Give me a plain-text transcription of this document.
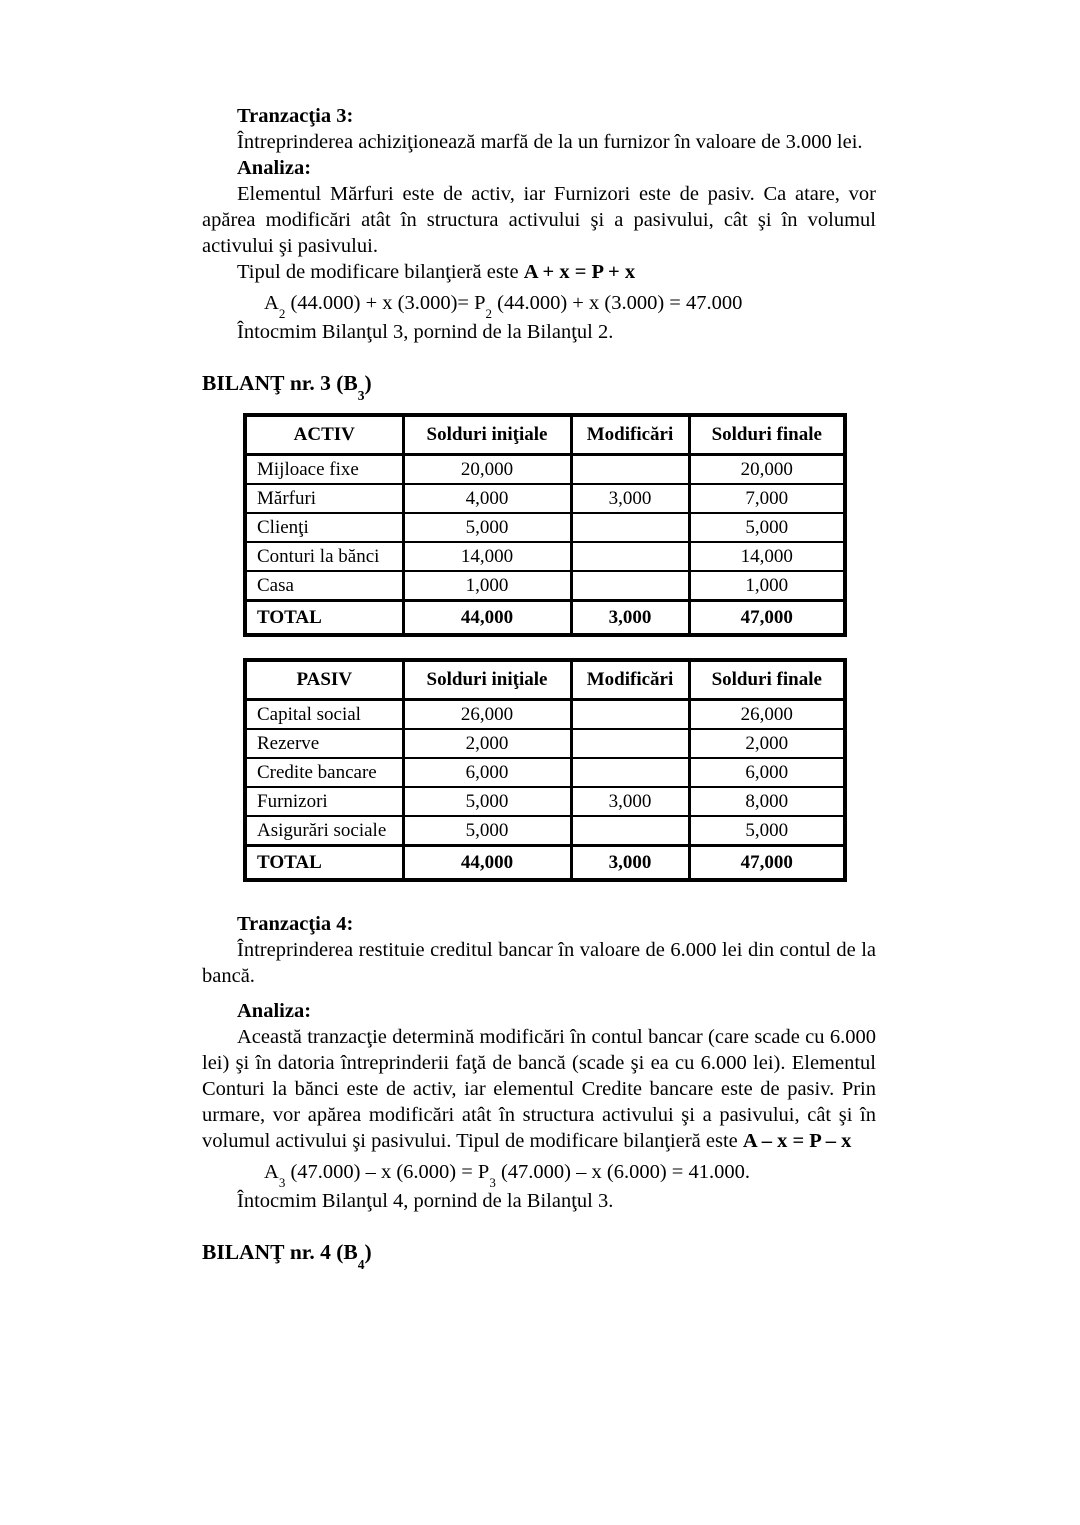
Tranzacţia 3:

Întreprinderea achiziţionează marfă de la un furnizor în valoare de 3.000 lei.

Analiza:

Elementul Mărfuri este de activ, iar Furnizori este de pasiv. Ca atare, vor apărea modificări atât în structura activului şi a pasivului, cât şi în volumul activului şi pasivului.

Tipul de modificare bilanţieră este A + x = P + x

$A_2$ (44.000) + x $(3.000)= P_2$ (44.000) + x (3.000) = 47.000

Întocmim Bilanţul 3, pornind de la Bilanţul 2.

BILANŢ nr. 3 $(B_3)$

ACTIV	Solduri iniţiale	Modificări	Solduri finale
Mijloace fixe	20,000		20,000
Mărfuri	4,000	3,000	7,000
Clienţi	5,000		5,000
Conturi la bănci	14,000		14,000
Casa	1,000		1,000
TOTAL	44,000	3,000	47,000
PASIV	Solduri iniţiale	Modificări	Solduri finale
Capital social	26,000		26,000
Rezerve	2,000		2,000
Credite bancare	6,000		6,000
Furnizori	5,000	3,000	8,000
Asigurări sociale	5,000		5,000
TOTAL	44,000	3,000	47,000

Tranzacţia 4:

Întreprinderea restituie creditul bancar în valoare de 6.000 lei din contul de la bancă.

Analiza:

Această tranzacţie determină modificări în contul bancar (care scade cu 6.000 lei) şi în datoria întreprinderii faţă de bancă (scade şi ea cu 6.000 lei). Elementul Conturi la bănci este de activ, iar elementul Credite bancare este de pasiv. Prin urmare, vor apărea modificări atât în structura activului şi a pasivului, cât şi în volumul activului şi pasivului. Tipul de modificare bilanţieră este A – x = P – x

$A_3$ (47.000) – x $(6.000) = P_3$ (47.000) – x (6.000) = 41.000.

Întocmim Bilanţul 4, pornind de la Bilanţul 3.

BILANŢ nr. 4 $(B_4)$
